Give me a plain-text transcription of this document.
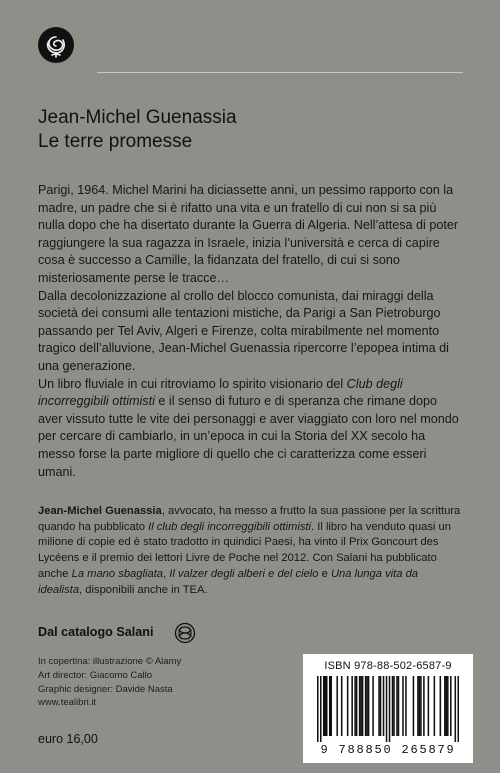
Jean-Michel Guenassia
Le terre promesse

Parigi, 1964. Michel Marini ha diciassette anni, un pessimo rapporto con la madre, un padre che si è rifatto una vita e un fratello di cui non si sa più nulla dopo che ha disertato durante la Guerra di Algeria. Nell’attesa di poter raggiungere la sua ragazza in Israele, inizia l’università e cerca di capire cosa è successo a Camille, la fidanzata del fratello, di cui si sono misteriosamente perse le tracce…

Dalla decolonizzazione al crollo del blocco comunista, dai miraggi della società dei consumi alle tentazioni mistiche, da Parigi a San Pietroburgo passando per Tel Aviv, Algeri e Firenze, colta mirabilmente nel momento tragico dell’alluvione, Jean-Michel Guenassia ripercorre l’epopea intima di una generazione.

Un libro fluviale in cui ritroviamo lo spirito visionario del Club degli incorreggibili ottimisti e il senso di futuro e di speranza che rimane dopo aver vissuto tutte le vite dei personaggi e aver viaggiato con loro nel mondo per cercare di cambiarlo, in un’epoca in cui la Storia del XX secolo ha messo forse la parte migliore di quello che ci caratterizza come esseri umani.

Jean-Michel Guenassia, avvocato, ha messo a frutto la sua passione per la scrittura quando ha pubblicato Il club degli incorreggibili ottimisti. Il libro ha venduto quasi un milione di copie ed è stato tradotto in quindici Paesi, ha vinto il Prix Goncourt des Lycéens e il premio dei lettori Livre de Poche nel 2012. Con Salani ha pubblicato anche La mano sbagliata, Il valzer degli alberi e del cielo e Una lunga vita da idealista, disponibili anche in TEA.

Dal catalogo Salani
In copertina: illustrazione © Alamy
Art director: Giacomo Callo
Graphic designer: Davide Nasta
www.tealibri.it
euro 16,00
ISBN 978-88-502-6587-9
9 788850 265879
